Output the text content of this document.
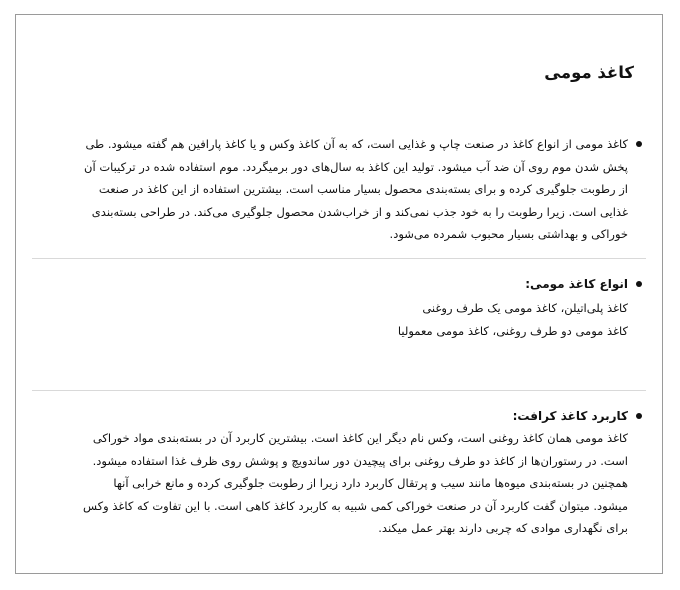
کاغذ مومی
کاغذ مومی از انواع کاغذ در صنعت چاپ و غذایی است، که به آن کاغذ وکس و یا کاغذ پارافین هم گفته میشود. طی
پخش شدن موم روی آن ضد آب میشود. تولید این کاغذ به سال‌های دور برمیگردد. موم استفاده شده در ترکیبات آن
از رطوبت جلوگیری کرده و برای بسته‌بندی محصول بسیار مناسب است. بیشترین استفاده از این کاغذ در صنعت
غذایی است. زیرا رطوبت را به خود جذب نمی‌کند و از خراب‌شدن محصول جلوگیری می‌کند. در طراحی بسته‌بندی
خوراکی و بهداشتی بسیار محبوب شمرده می‌شود.
انواع کاغذ مومی:
کاغذ پلی‌اتیلن، کاغذ مومی یک طرف روغنی
کاغذ مومی دو طرف روغنی، کاغذ مومی معمولیا
کاربرد کاغذ کرافت:
کاغذ مومی همان کاغذ روغنی است، وکس نام دیگر این کاغذ است. بیشترین کاربرد آن در بسته‌بندی مواد خوراکی
است. در رستوران‌ها از کاغذ دو طرف روغنی برای پیچیدن دور ساندویچ و پوشش روی ظرف غذا استفاده میشود.
همچنین در بسته‌بندی میوه‌ها مانند سیب و پرتقال کاربرد دارد زیرا از رطوبت جلوگیری کرده و مانع خرابی آنها
میشود. میتوان گفت کاربرد آن در صنعت خوراکی کمی شبیه به کاربرد کاغذ کاهی است. با این تفاوت که کاغذ وکس
برای نگهداری موادی که چربی دارند بهتر عمل میکند.
